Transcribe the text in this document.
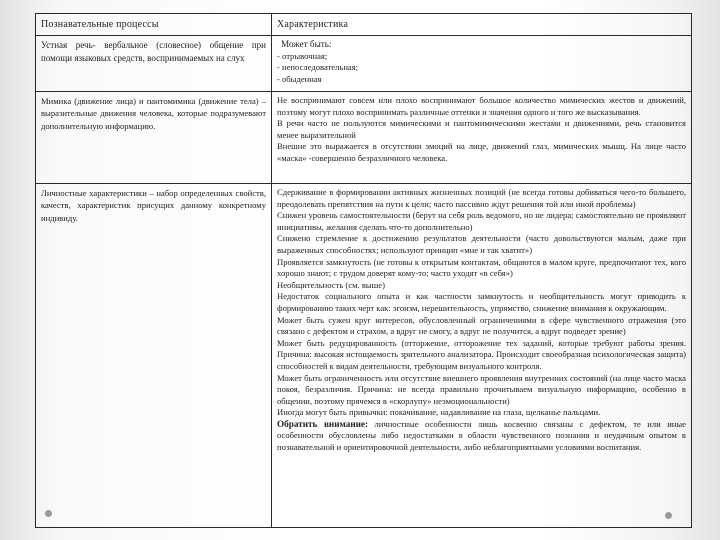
Познавательные процессы	Характеристика

Устная речь- вербальное (словесное) общение при помощи языковых средств, воспринимаемых на слух

Может быть:
- отрывочная;
- непоследовательная;
- обыденная

Мимика (движение лица) и пантомимика (движение тела) – выразительные движения человека, которые подразумевают дополнительную информацию.

Не воспринимают совсем или плохо воспринимают большое количество мимических жестов и движений, поэтому могут плохо воспринимать различные оттенки и значения одного и того же высказывания.

В речи часто не пользуются мимическими и пантомимическими жестами и движениями, речь становится менее выразительной

Внешне это выражается в отсутствии эмоций на лице, движений глаз, мимических мышц. На лице часто «маска» -совершенно безразличного человека.

Личностные характеристики – набор определенных свойств, качеств, характеристик присущих данному конкретному индивиду.

Сдерживание в формировании активных жизненных позиций (не всегда готовы добиваться чего-то большего, преодолевать препятствия на пути к цели; часто пассивно ждут решения той или иной проблемы)

Снижен уровень самостоятельности (берут на себя роль ведомого, но не лидера; самостоятельно не проявляют инициативы, желания сделать что-то дополнительно)

Снижено стремление к достижению результатов деятельности (часто довольствуются малым, даже при выраженных способностях; используют принцип «мне и так хватит»)

Проявляется замкнутость (не готовы к открытым контактам, общаются в малом круге, предпочитают тех, кого хорошо знают; с трудом доверят кому-то; часто уходят «в себя»)

Необщительность (см. выше)

Недостаток социального опыта и как частности замкнутость и необщительность могут приводить к формированию таких черт как: эгоизм, нерешительность, упрямство, снижение внимания к окружающим.

Может быть сужен круг интересов, обусловленный ограничениями в сфере чувственного отражения (это связано с дефектом и страхом, а вдруг не смогу, а вдруг не получится, а вдруг подведет зрение)

Может быть редуцированность (отторжение, отторожение тех заданий, которые требуют работы зрения. Причина: высокая истощаемость зрительного анализатора. Происходит своеобразная психологическая защита) способностей к видам деятельности, требующим визуального контроля.

Может быть ограниченность или отсутствие внешнего проявления внутренних состояний (на лице часто маска покоя, безразличия. Причина: не всегда правильно прочитываем визуальную информацию, особенно в общении, поэтому прячемся в «скорлупу» неэмоциональности)

Иногда могут быть привычки: покачивание, надавливание на глаза, щелканье пальцами.

Обратить внимание: личностные особенности лишь косвенно связаны с дефектом, те или иные особенности обусловлены либо недостатками в области чувственного познания и неудачным опытом в познавательной и ориентировочной деятельности, либо неблагоприятными условиями воспитания.
